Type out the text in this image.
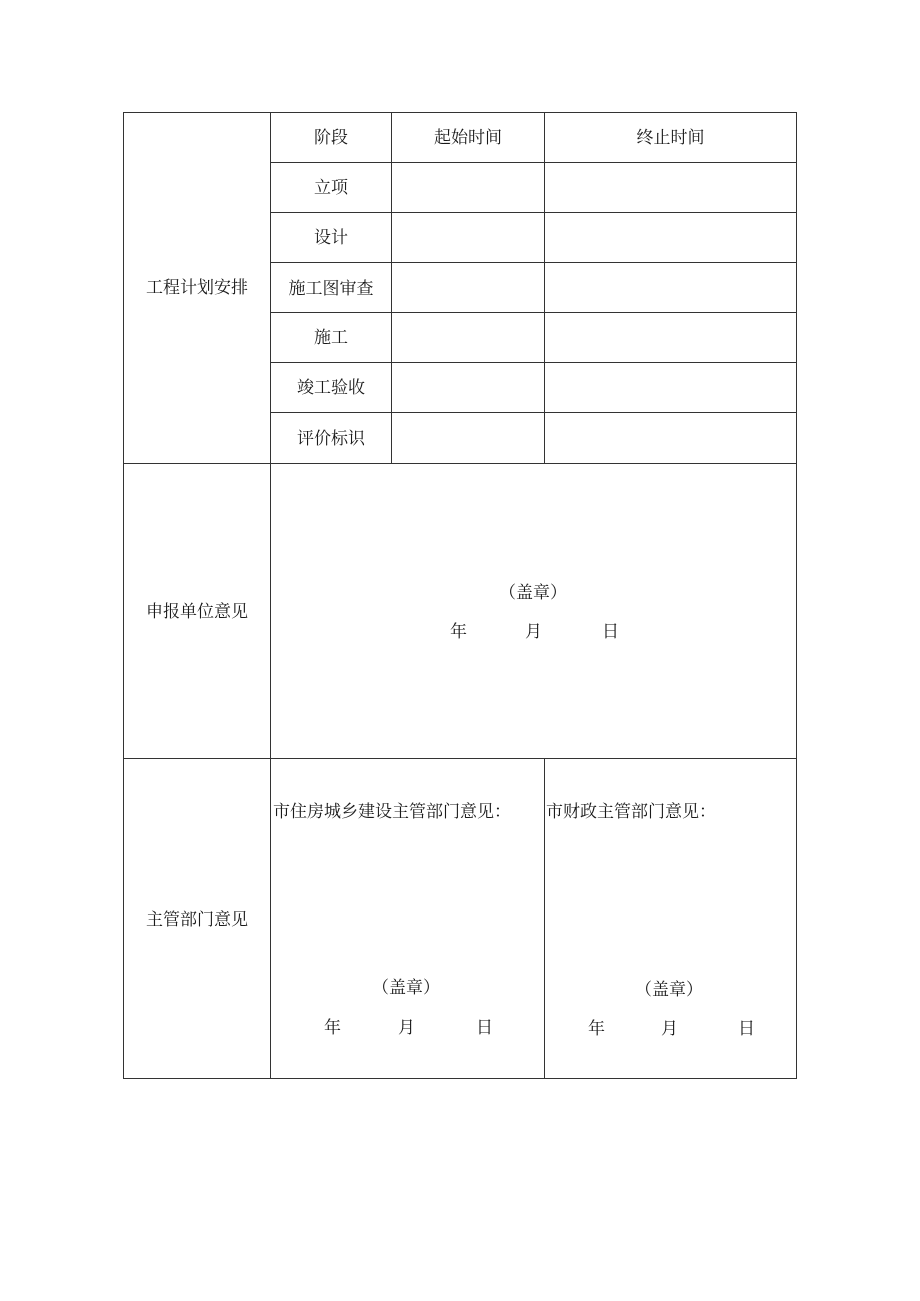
工程计划安排
阶段	起始时间	终止时间
立项
设计
施工图审查
施工
竣工验收
评价标识
申报单位意见
（盖章）
年	月	日
主管部门意见
市住房城乡建设主管部门意见：
（盖章）
年	月	日
市财政主管部门意见：
（盖章）
年	月	日
